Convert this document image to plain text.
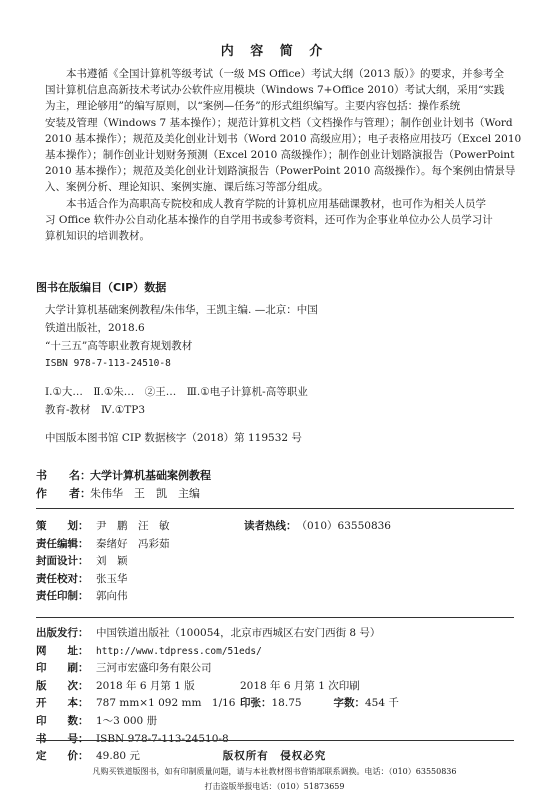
内 容 简 介

本书遵循《全国计算机等级考试（一级 MS Office）考试大纲（2013 版）》的要求，并参考全
国计算机信息高新技术考试办公软件应用模块（Windows 7+Office 2010）考试大纲，采用“实践
为主，理论够用”的编写原则，以“案例—任务”的形式组织编写。主要内容包括：操作系统
安装及管理（Windows 7 基本操作）；规范计算机文档（文档操作与管理）；制作创业计划书（Word
2010 基本操作）；规范及美化创业计划书（Word 2010 高级应用）；电子表格应用技巧（Excel 2010
基本操作）；制作创业计划财务预测（Excel 2010 高级操作）；制作创业计划路演报告（PowerPoint
2010 基本操作）；规范及美化创业计划路演报告（PowerPoint 2010 高级操作）。每个案例由情景导
入、案例分析、理论知识、案例实施、课后练习等部分组成。

本书适合作为高职高专院校和成人教育学院的计算机应用基础课教材，也可作为相关人员学
习 Office 软件办公自动化基本操作的自学用书或参考资料，还可作为企事业单位办公人员学习计
算机知识的培训教材。

图书在版编目（CIP）数据
大学计算机基础案例教程/朱伟华，王凯主编. —北京：中国
铁道出版社，2018.6
“十三五”高等职业教育规划教材
ISBN 978-7-113-24510-8
Ⅰ.①大…　Ⅱ.①朱…　②王…　Ⅲ.①电子计算机-高等职业
教育-教材　Ⅳ.①TP3
中国版本图书馆 CIP 数据核字（2018）第 119532 号
书　　名： 大学计算机基础案例教程
作　　者： 朱伟华　王　凯　主编
策　　划： 尹　鹏　汪　敏	读者热线：（010）63550836
责任编辑： 秦绪好　冯彩茹
封面设计： 刘　颖
责任校对： 张玉华
责任印制： 郭向伟
出版发行： 中国铁道出版社（100054，北京市西城区右安门西街 8 号）
网　　址： http://www.tdpress.com/51eds/
印　　刷： 三河市宏盛印务有限公司
版　　次： 2018 年 6 月第 1 版	2018 年 6 月第 1 次印刷
开　　本： 787 mm×1 092 mm　1/16 印张： 18.75	字数： 454 千
印　　数： 1～3 000 册
书　　号： ISBN 978-7-113-24510-8
定　　价： 49.80 元	版权所有　侵权必究
凡购买铁道版图书，如有印制质量问题，请与本社教材图书营销部联系调换。电话：（010）63550836
打击盗版举报电话：（010）51873659
